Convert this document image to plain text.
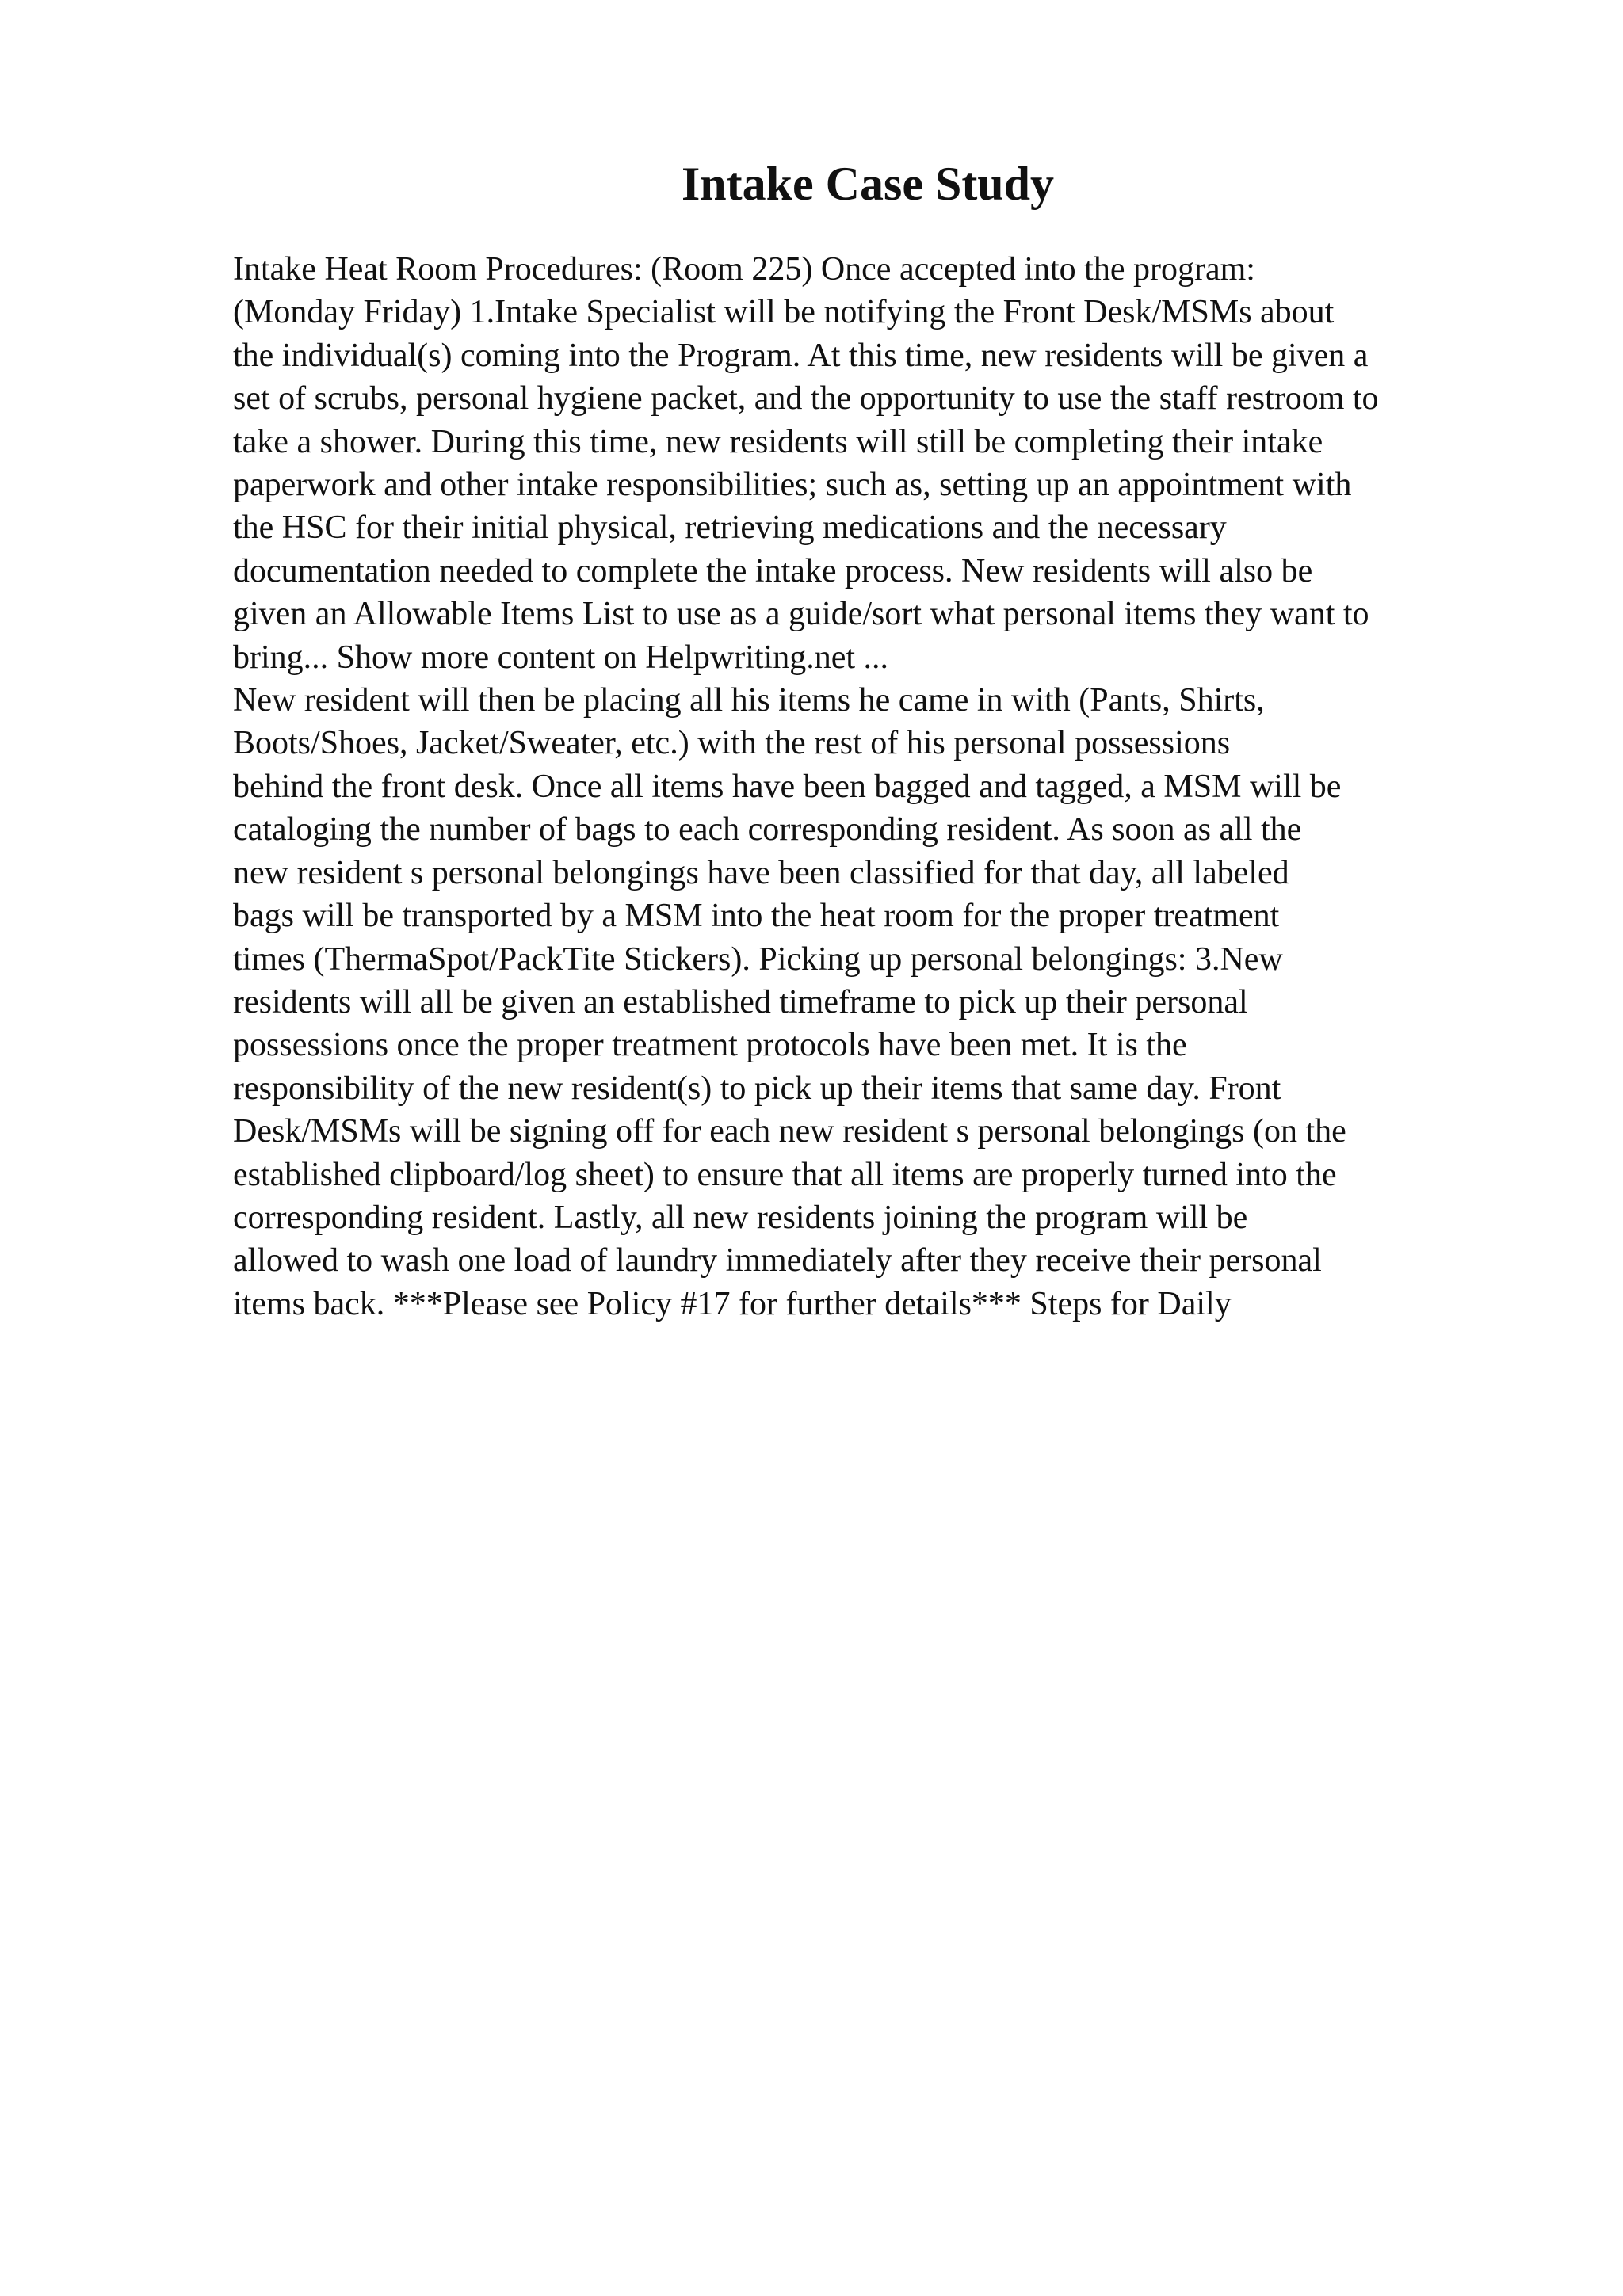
Intake Case Study
Intake Heat Room Procedures: (Room 225) Once accepted into the program:
(Monday Friday) 1.Intake Specialist will be notifying the Front Desk/MSMs about
the individual(s) coming into the Program. At this time, new residents will be given a
set of scrubs, personal hygiene packet, and the opportunity to use the staff restroom to
take a shower. During this time, new residents will still be completing their intake
paperwork and other intake responsibilities; such as, setting up an appointment with
the HSC for their initial physical, retrieving medications and the necessary
documentation needed to complete the intake process. New residents will also be
given an Allowable Items List to use as a guide/sort what personal items they want to
bring... Show more content on Helpwriting.net ...
New resident will then be placing all his items he came in with (Pants, Shirts,
Boots/Shoes, Jacket/Sweater, etc.) with the rest of his personal possessions
behind the front desk. Once all items have been bagged and tagged, a MSM will be
cataloging the number of bags to each corresponding resident. As soon as all the
new resident s personal belongings have been classified for that day, all labeled
bags will be transported by a MSM into the heat room for the proper treatment
times (ThermaSpot/PackTite Stickers). Picking up personal belongings: 3.New
residents will all be given an established timeframe to pick up their personal
possessions once the proper treatment protocols have been met. It is the
responsibility of the new resident(s) to pick up their items that same day. Front
Desk/MSMs will be signing off for each new resident s personal belongings (on the
established clipboard/log sheet) to ensure that all items are properly turned into the
corresponding resident. Lastly, all new residents joining the program will be
allowed to wash one load of laundry immediately after they receive their personal
items back. ***Please see Policy #17 for further details*** Steps for Daily
